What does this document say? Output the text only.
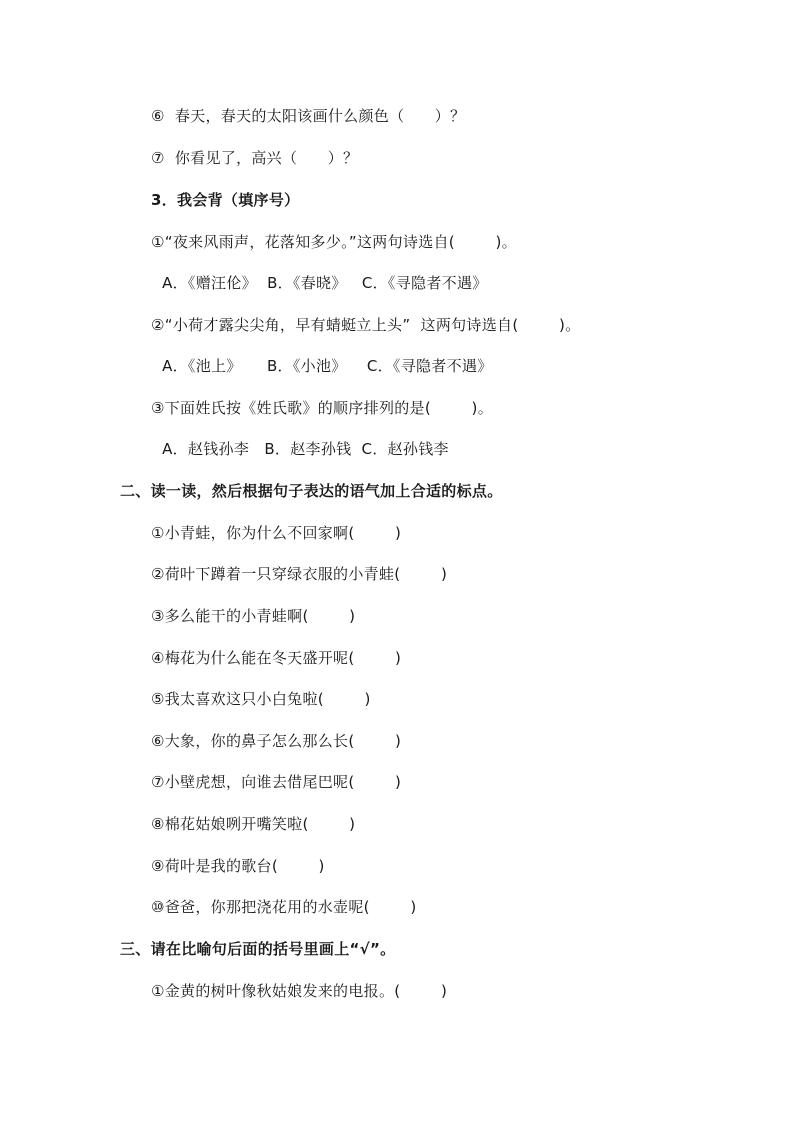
⑥  春天，春天的太阳该画什么颜色（      ）？
⑦  你看见了，高兴（      ）？
3．我会背（填序号）
①“夜来风雨声，花落知多少。”这两句诗选自(        )。
A．《赠汪伦》  B．《春晓》   C．《寻隐者不遇》
②“小荷才露尖尖角，早有蜻蜓立上头”  这两句诗选自(        )。
A．《池上》     B．《小池》    C．《寻隐者不遇》
③下面姓氏按《姓氏歌》的顺序排列的是(        )。
A．赵钱孙李   B．赵李孙钱  C．赵孙钱李
二、读一读，然后根据句子表达的语气加上合适的标点。
①小青蛙，你为什么不回家啊(        )
②荷叶下蹲着一只穿绿衣服的小青蛙(        )
③多么能干的小青蛙啊(        )
④梅花为什么能在冬天盛开呢(        )
⑤我太喜欢这只小白兔啦(        )
⑥大象，你的鼻子怎么那么长(        )
⑦小壁虎想，向谁去借尾巴呢(        )
⑧棉花姑娘咧开嘴笑啦(        )
⑨荷叶是我的歌台(        )
⑩爸爸，你那把浇花用的水壶呢(        )
三、请在比喻句后面的括号里画上“√”。
①金黄的树叶像秋姑娘发来的电报。(        )
